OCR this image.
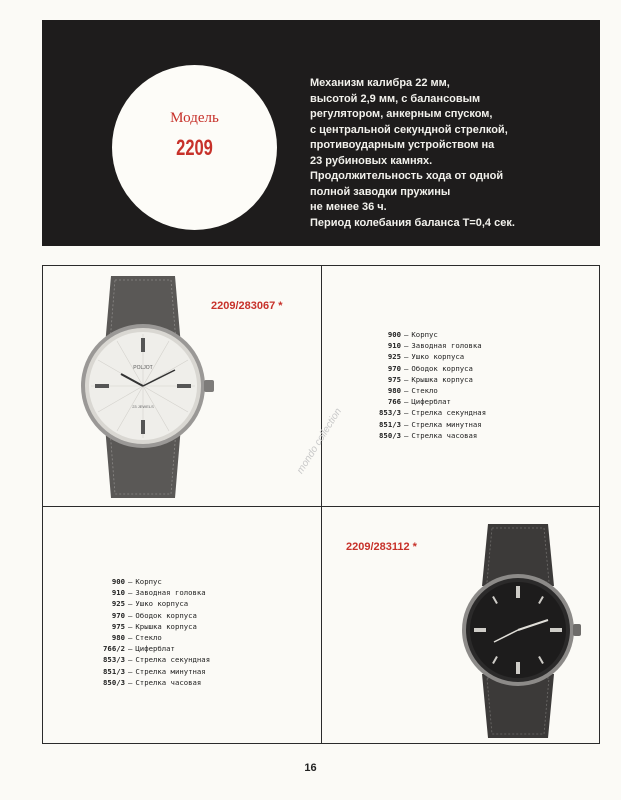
Модель
2209
Механизм калибра 22 мм,
высотой 2,9 мм, с балансовым
регулятором, анкерным спуском,
с центральной секундной стрелкой,
противоударным устройством на
23 рубиновых камнях.
Продолжительность хода от одной
полной заводки пружины
не менее 36 ч.
Период колебания баланса T=0,4 сек.
POLJOT
23 JEWELS
2209/283067 *
900 — Корпус
910 — Заводная головка
925 — Ушко корпуса
970 — Ободок корпуса
975 — Крышка корпуса
980 — Стекло
766 — Циферблат
853/3 — Стрелка секундная
851/3 — Стрелка минутная
850/3 — Стрелка часовая
900 — Корпус
910 — Заводная головка
925 — Ушко корпуса
970 — Ободок корпуса
975 — Крышка корпуса
980 — Стекло
766/2 — Циферблат
853/3 — Стрелка секундная
851/3 — Стрелка минутная
850/3 — Стрелка часовая
2209/283112 *
mondo collection
16
